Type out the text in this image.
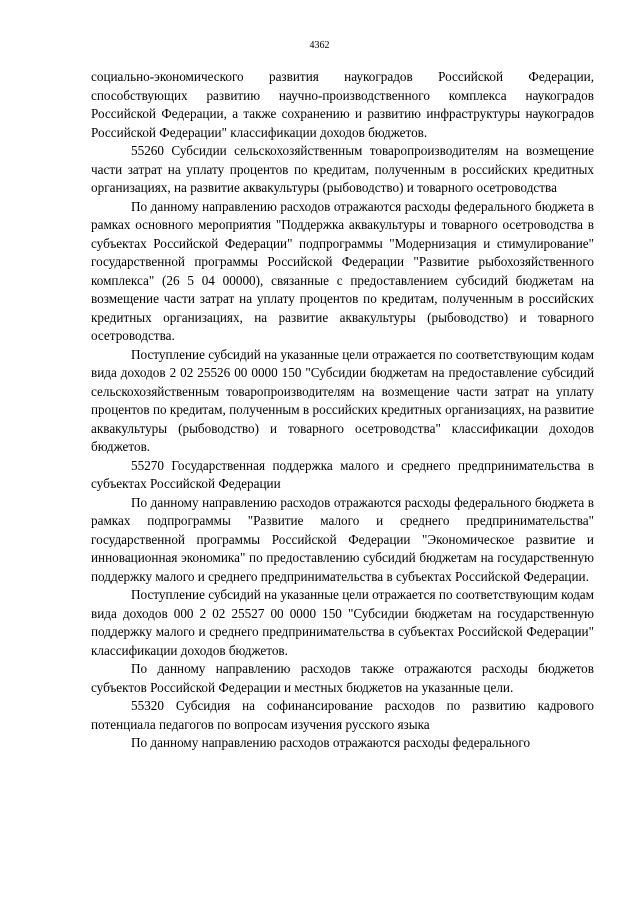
4362

социально-экономического развития наукоградов Российской Федерации, способствующих развитию научно-производственного комплекса наукоградов Российской Федерации, а также сохранению и развитию инфраструктуры наукоградов Российской Федерации" классификации доходов бюджетов.

55260 Субсидии сельскохозяйственным товаропроизводителям на возмещение части затрат на уплату процентов по кредитам, полученным в российских кредитных организациях, на развитие аквакультуры (рыбоводство) и товарного осетроводства

По данному направлению расходов отражаются расходы федерального бюджета в рамках основного мероприятия "Поддержка аквакультуры и товарного осетроводства в субъектах Российской Федерации" подпрограммы "Модернизация и стимулирование" государственной программы Российской Федерации "Развитие рыбохозяйственного комплекса" (26 5 04 00000), связанные с предоставлением субсидий бюджетам на возмещение части затрат на уплату процентов по кредитам, полученным в российских кредитных организациях, на развитие аквакультуры (рыбоводство) и товарного осетроводства.

Поступление субсидий на указанные цели отражается по соответствующим кодам вида доходов 2 02 25526 00 0000 150 "Субсидии бюджетам на предоставление субсидий сельскохозяйственным товаропроизводителям на возмещение части затрат на уплату процентов по кредитам, полученным в российских кредитных организациях, на развитие аквакультуры (рыбоводство) и товарного осетроводства" классификации доходов бюджетов.

55270 Государственная поддержка малого и среднего предпринимательства в субъектах Российской Федерации

По данному направлению расходов отражаются расходы федерального бюджета в рамках подпрограммы "Развитие малого и среднего предпринимательства" государственной программы Российской Федерации "Экономическое развитие и инновационная экономика" по предоставлению субсидий бюджетам на государственную поддержку малого и среднего предпринимательства в субъектах Российской Федерации.

Поступление субсидий на указанные цели отражается по соответствующим кодам вида доходов 000 2 02 25527 00 0000 150 "Субсидии бюджетам на государственную поддержку малого и среднего предпринимательства в субъектах Российской Федерации" классификации доходов бюджетов.

По данному направлению расходов также отражаются расходы бюджетов субъектов Российской Федерации и местных бюджетов на указанные цели.

55320 Субсидия на софинансирование расходов по развитию кадрового потенциала педагогов по вопросам изучения русского языка

По данному направлению расходов отражаются расходы федерального
